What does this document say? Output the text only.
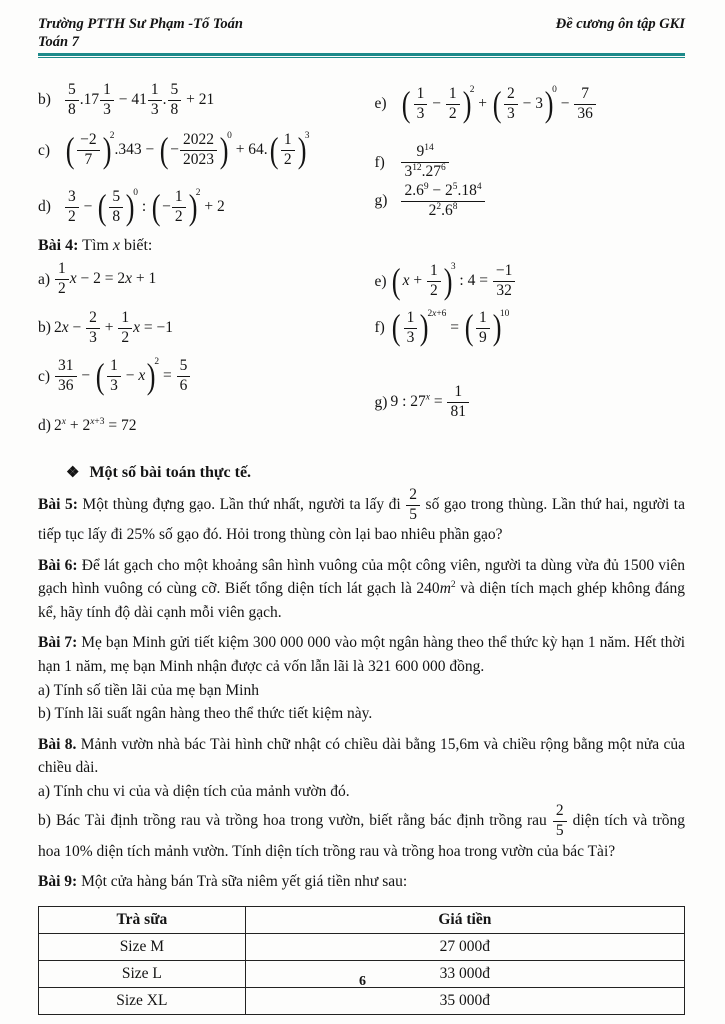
Trường PTTH Sư Phạm -Tổ Toán	Đề cương ôn tập GKI
Toán 7
$b) \frac{5}{8} .17 \frac{1}{3} - 41 \frac{1}{3}$ . $\frac{5}{8} + 21$
c) ( $\frac{-2}{7}$ )
$^2$.343 − ( − $\frac{2022}{2023}$ )
$^0$ + 64. ( $\frac{1}{2}$ )
$^3$
$d) \frac{3}{2}$ − ( $\frac{5}{8}$ )
$^0$ : ( − $\frac{1}{2}$ )
$^2$ + 2
e) ( $\frac{1}{3} - \frac{1}{2}$ )
$^2$ + ( $\frac{2}{3} - 3$ )
$^0 - \frac{7}{36}$
f)	$\frac{9^{14}}{3^{12}.27^6}$
$g) \frac{2.6^9 - 2^5.18^4}{2^2.6^8}$
Bài 4: Tìm x biết:
$a) \frac{1}{2}$ x − 2 = 2x + 1
b) $2x - \frac{2}{3} + \frac{1}{2}$ x = −1
$c) \frac{31}{36}$ − ( $\frac{1}{3} - x$ )
$^2 = \frac{5}{6}$
d) $2^x + 2^{x+3} = 72$
e) ( $x + \frac{1}{2}$ )
$^3$ : $4 = \frac{-1}{32}$
f) ( $\frac{1}{3}$ )
$^{2x+6}$ = ( $\frac{1}{9}$ )
$^{10}$
g) 9 : $27^x = \frac{1}{81}$
❖ Một số bài toán thực tế.

Bài 5: Một thùng đựng gạo. Lần thứ nhất, người ta lấy đi $\frac{2}{5}$ số gạo trong thùng. Lần thứ hai, người ta tiếp tục lấy đi 25% số gạo đó. Hỏi trong thùng còn lại bao nhiêu phần gạo?

Bài 6: Để lát gạch cho một khoảng sân hình vuông của một công viên, người ta dùng vừa đủ 1500 viên gạch hình vuông có cùng cỡ. Biết tổng diện tích lát gạch là $240m^2$ và diện tích mạch ghép không đáng kể, hãy tính độ dài cạnh mỗi viên gạch.

Bài 7: Mẹ bạn Minh gửi tiết kiệm 300 000 000 vào một ngân hàng theo thể thức kỳ hạn 1 năm. Hết thời hạn 1 năm, mẹ bạn Minh nhận được cả vốn lẫn lãi là 321 600 000 đồng.
a) Tính số tiền lãi của mẹ bạn Minh
b) Tính lãi suất ngân hàng theo thể thức tiết kiệm này.

Bài 8. Mảnh vườn nhà bác Tài hình chữ nhật có chiều dài bằng 15,6m và chiều rộng bằng một nửa của chiều dài.
a) Tính chu vi của và diện tích của mảnh vườn đó.
b) Bác Tài định trồng rau và trồng hoa trong vườn, biết rằng bác định trồng rau $\frac{2}{5}$ diện tích và trồng hoa 10% diện tích mảnh vườn. Tính diện tích trồng rau và trồng hoa trong vườn của bác Tài?

Bài 9: Một cửa hàng bán Trà sữa niêm yết giá tiền như sau:

Trà sữa	Giá tiền
Size M	27 000đ
Size L	33 000đ
Size XL	35 000đ
6
